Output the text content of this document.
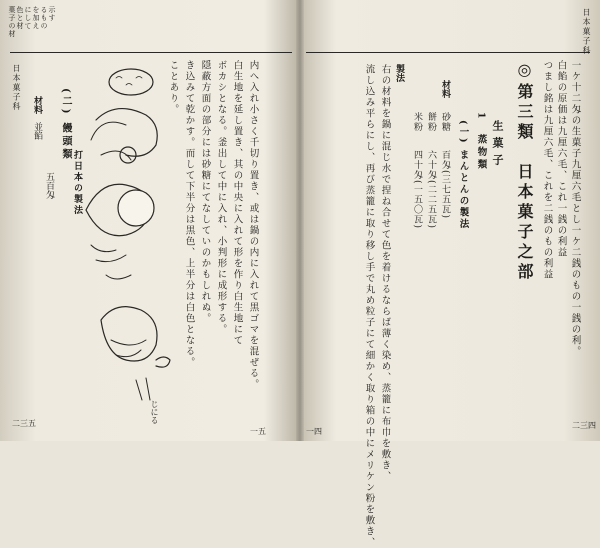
日本菓子科
菓子の材 色と材 にして を加え るもの 示す
材料
並餡
五百匁
(二) 饅頭類
打日本の製法
じにる
ことあり。 き込みて乾かす。而して下半分は黒色、上半分は白色となる。 隠蔽方面の部分には砂糖にてなしていのかもしれぬ。 ボカシとなる。釜出して中に入れ、小判形に成形する。 白生地を延し置き、其の中央に入れて形を作り白生地にて 内へ入れ小さく千切り置き、或は鍋の内に入れて黒ゴマを混ぜる。
二三五
一五
日本菓子科
一ケ十二匁の生菓子九厘六毛とし一ケ二銭のもの一銭の利。
白餡の原価は九厘六毛、これ一銭の利益
つまし銘は九厘六毛、これを二銭のもの利益
◎第三類　日本菓子之部
生菓子
1　蒸物類
(一) まんとんの製法
材料
砂糖
百匁(三七五瓦)
餅粉
六十匁(二二五瓦)
米粉
四十匁(一五〇瓦)
製法
右の材料を鍋に混じ水で捏ね合せて色を着けるならば薄く染め、蒸籠に布巾を敷き、
流し込み平らにし、再び蒸籠に取り移し手で丸め粒子にて細かく取り箱の中にメリケン粉を敷き、	二三四
一四
